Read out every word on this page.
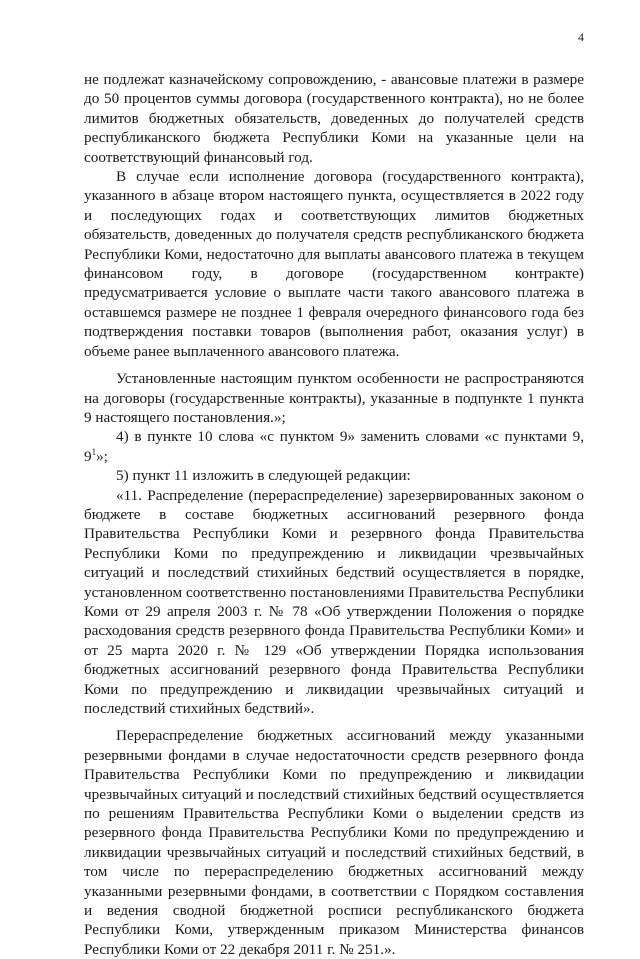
4

не подлежат казначейскому сопровождению, - авансовые платежи в размере до 50 процентов суммы договора (государственного контракта), но не более лимитов бюджетных обязательств, доведенных до получателей средств республиканского бюджета Республики Коми на указанные цели на соответствующий финансовый год.

В случае если исполнение договора (государственного контракта), указанного в абзаце втором настоящего пункта, осуществляется в 2022 году и последующих годах и соответствующих лимитов бюджетных обязательств, доведенных до получателя средств республиканского бюджета Республики Коми, недостаточно для выплаты авансового платежа в текущем финансовом году, в договоре (государственном контракте) предусматривается условие о выплате части такого авансового платежа в оставшемся размере не позднее 1 февраля очередного финансового года без подтверждения поставки товаров (выполнения работ, оказания услуг) в объеме ранее выплаченного авансового платежа.

Установленные настоящим пунктом особенности не распространяются на договоры (государственные контракты), указанные в подпункте 1 пункта 9 настоящего постановления.»;

4) в пункте 10 слова «с пунктом 9» заменить словами «с пунктами 9, $9^1$»;

5) пункт 11 изложить в следующей редакции:

«11. Распределение (перераспределение) зарезервированных законом о бюджете в составе бюджетных ассигнований резервного фонда Правительства Республики Коми и резервного фонда Правительства Республики Коми по предупреждению и ликвидации чрезвычайных ситуаций и последствий стихийных бедствий осуществляется в порядке, установленном соответственно постановлениями Правительства Республики Коми от 29 апреля 2003 г. № 78 «Об утверждении Положения о порядке расходования средств резервного фонда Правительства Республики Коми» и от 25 марта 2020 г. № 129 «Об утверждении Порядка использования бюджетных ассигнований резервного фонда Правительства Республики Коми по предупреждению и ликвидации чрезвычайных ситуаций и последствий стихийных бедствий».

Перераспределение бюджетных ассигнований между указанными резервными фондами в случае недостаточности средств резервного фонда Правительства Республики Коми по предупреждению и ликвидации чрезвычайных ситуаций и последствий стихийных бедствий осуществляется по решениям Правительства Республики Коми о выделении средств из резервного фонда Правительства Республики Коми по предупреждению и ликвидации чрезвычайных ситуаций и последствий стихийных бедствий, в том числе по перераспределению бюджетных ассигнований между указанными резервными фондами, в соответствии с Порядком составления и ведения сводной бюджетной росписи республиканского бюджета Республики Коми, утвержденным приказом Министерства финансов Республики Коми от 22 декабря 2011 г. № 251.».
